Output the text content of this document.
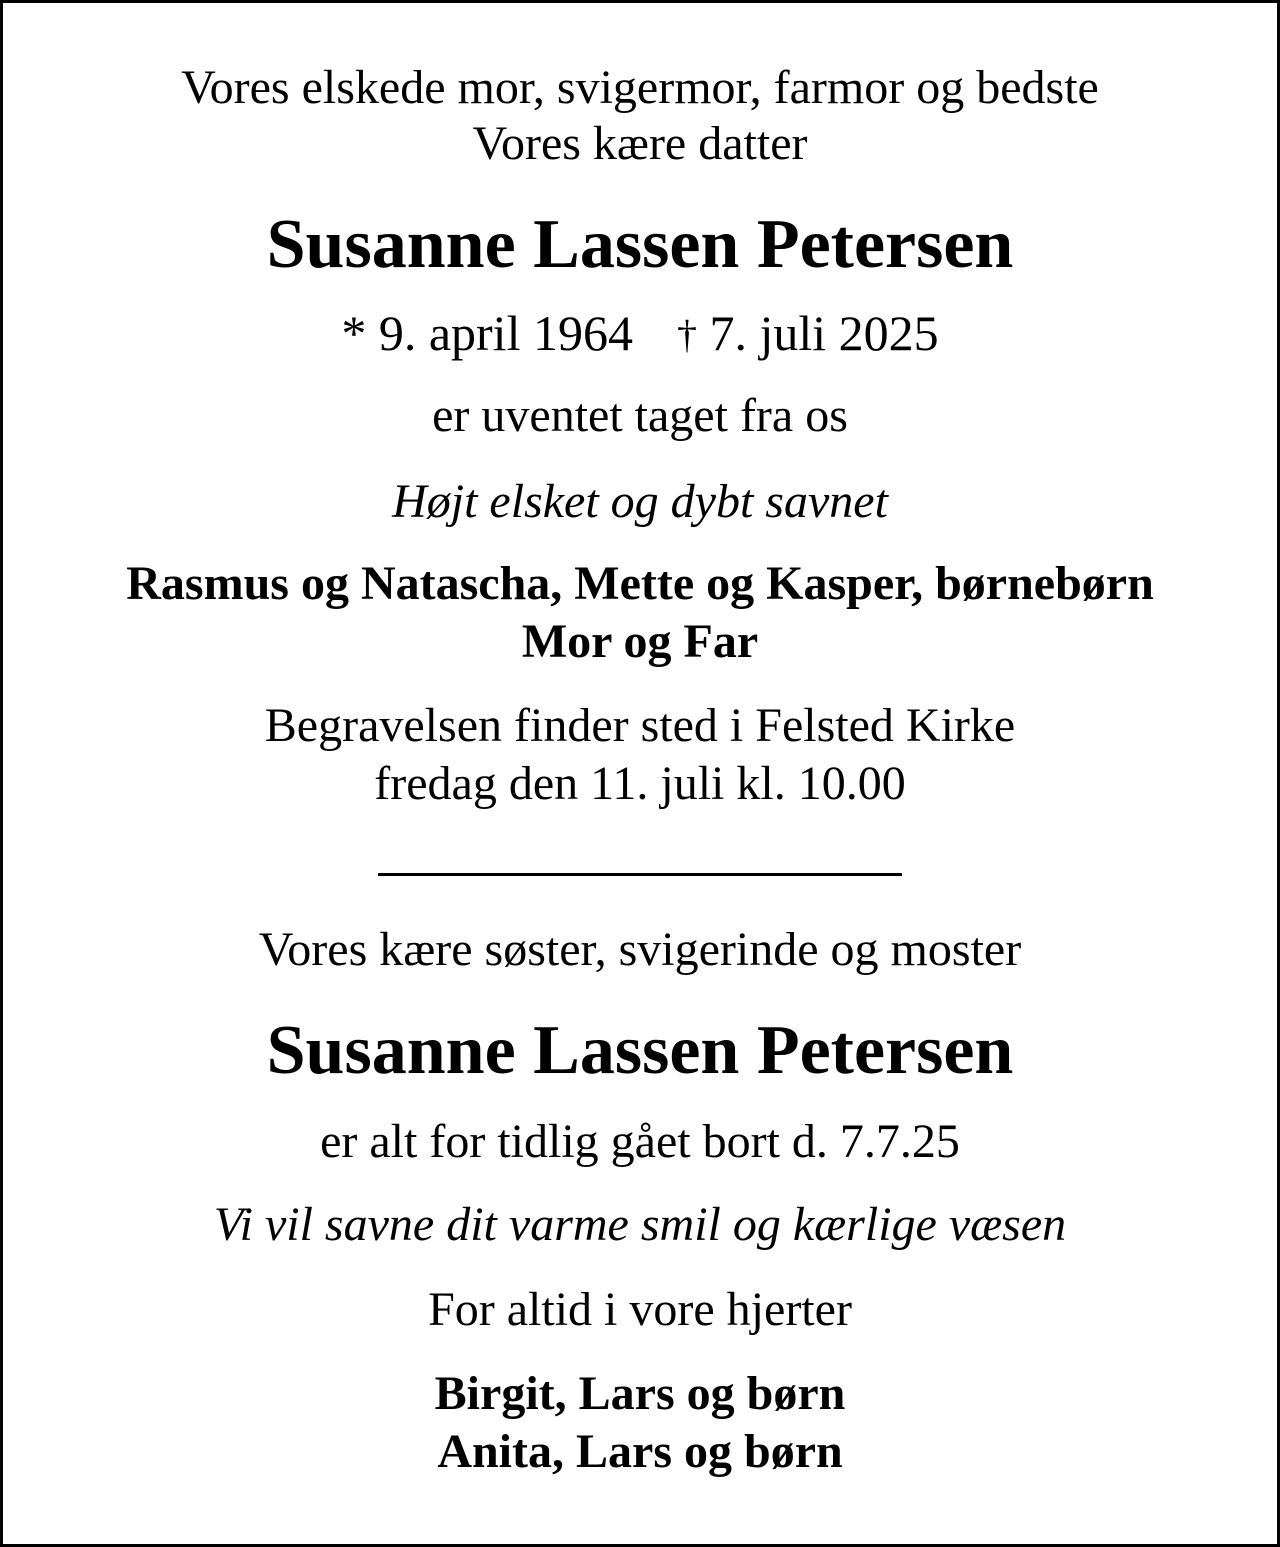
Vores elskede mor, svigermor, farmor og bedste
Vores kære datter
Susanne Lassen Petersen
* 9. april 1964 † 7. juli 2025
er uventet taget fra os
Højt elsket og dybt savnet
Rasmus og Natascha, Mette og Kasper, børnebørn
Mor og Far
Begravelsen finder sted i Felsted Kirke
fredag den 11. juli kl. 10.00
Vores kære søster, svigerinde og moster
Susanne Lassen Petersen
er alt for tidlig gået bort d. 7.7.25
Vi vil savne dit varme smil og kærlige væsen
For altid i vore hjerter
Birgit, Lars og børn
Anita, Lars og børn
